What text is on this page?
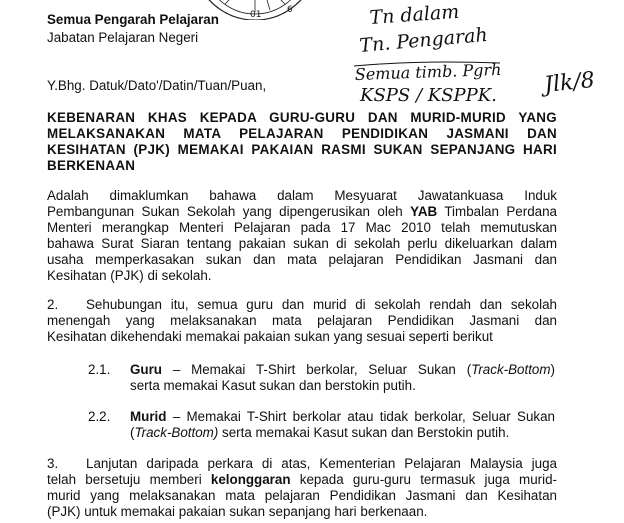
01	6	Tn dalam
Tn. Pengarah
Semua timb. Pgrh
KSPS / KSPPK. Jlk/8
Semua Pengarah Pelajaran
Jabatan Pelajaran Negeri
Y.Bhg. Datuk/Dato'/Datin/Tuan/Puan,
KEBENARAN KHAS KEPADA GURU-GURU DAN MURID-MURID YANG
MELAKSANAKAN MATA PELAJARAN PENDIDIKAN JASMANI DAN
KESIHATAN (PJK) MEMAKAI PAKAIAN RASMI SUKAN SEPANJANG HARI
BERKENAAN
Adalah dimaklumkan bahawa dalam Mesyuarat Jawatankuasa Induk
Pembangunan Sukan Sekolah yang dipengerusikan oleh YAB Timbalan Perdana
Menteri merangkap Menteri Pelajaran pada 17 Mac 2010 telah memutuskan
bahawa Surat Siaran tentang pakaian sukan di sekolah perlu dikeluarkan dalam
usaha memperkasakan sukan dan mata pelajaran Pendidikan Jasmani dan
Kesihatan (PJK) di sekolah.
2.	Sehubungan itu, semua guru dan murid di sekolah rendah dan sekolah
menengah yang melaksanakan mata pelajaran Pendidikan Jasmani dan
Kesihatan dikehendaki memakai pakaian sukan yang sesuai seperti berikut
2.1. Guru – Memakai T-Shirt berkolar, Seluar Sukan (Track-Bottom)
serta memakai Kasut sukan dan berstokin putih.
2.2. Murid – Memakai T-Shirt berkolar atau tidak berkolar, Seluar Sukan
(Track-Bottom) serta memakai Kasut sukan dan Berstokin putih.
3.	Lanjutan daripada perkara di atas, Kementerian Pelajaran Malaysia juga
telah bersetuju memberi kelonggaran kepada guru-guru termasuk juga murid-
murid yang melaksanakan mata pelajaran Pendidikan Jasmani dan Kesihatan
(PJK) untuk memakai pakaian sukan sepanjang hari berkenaan.
